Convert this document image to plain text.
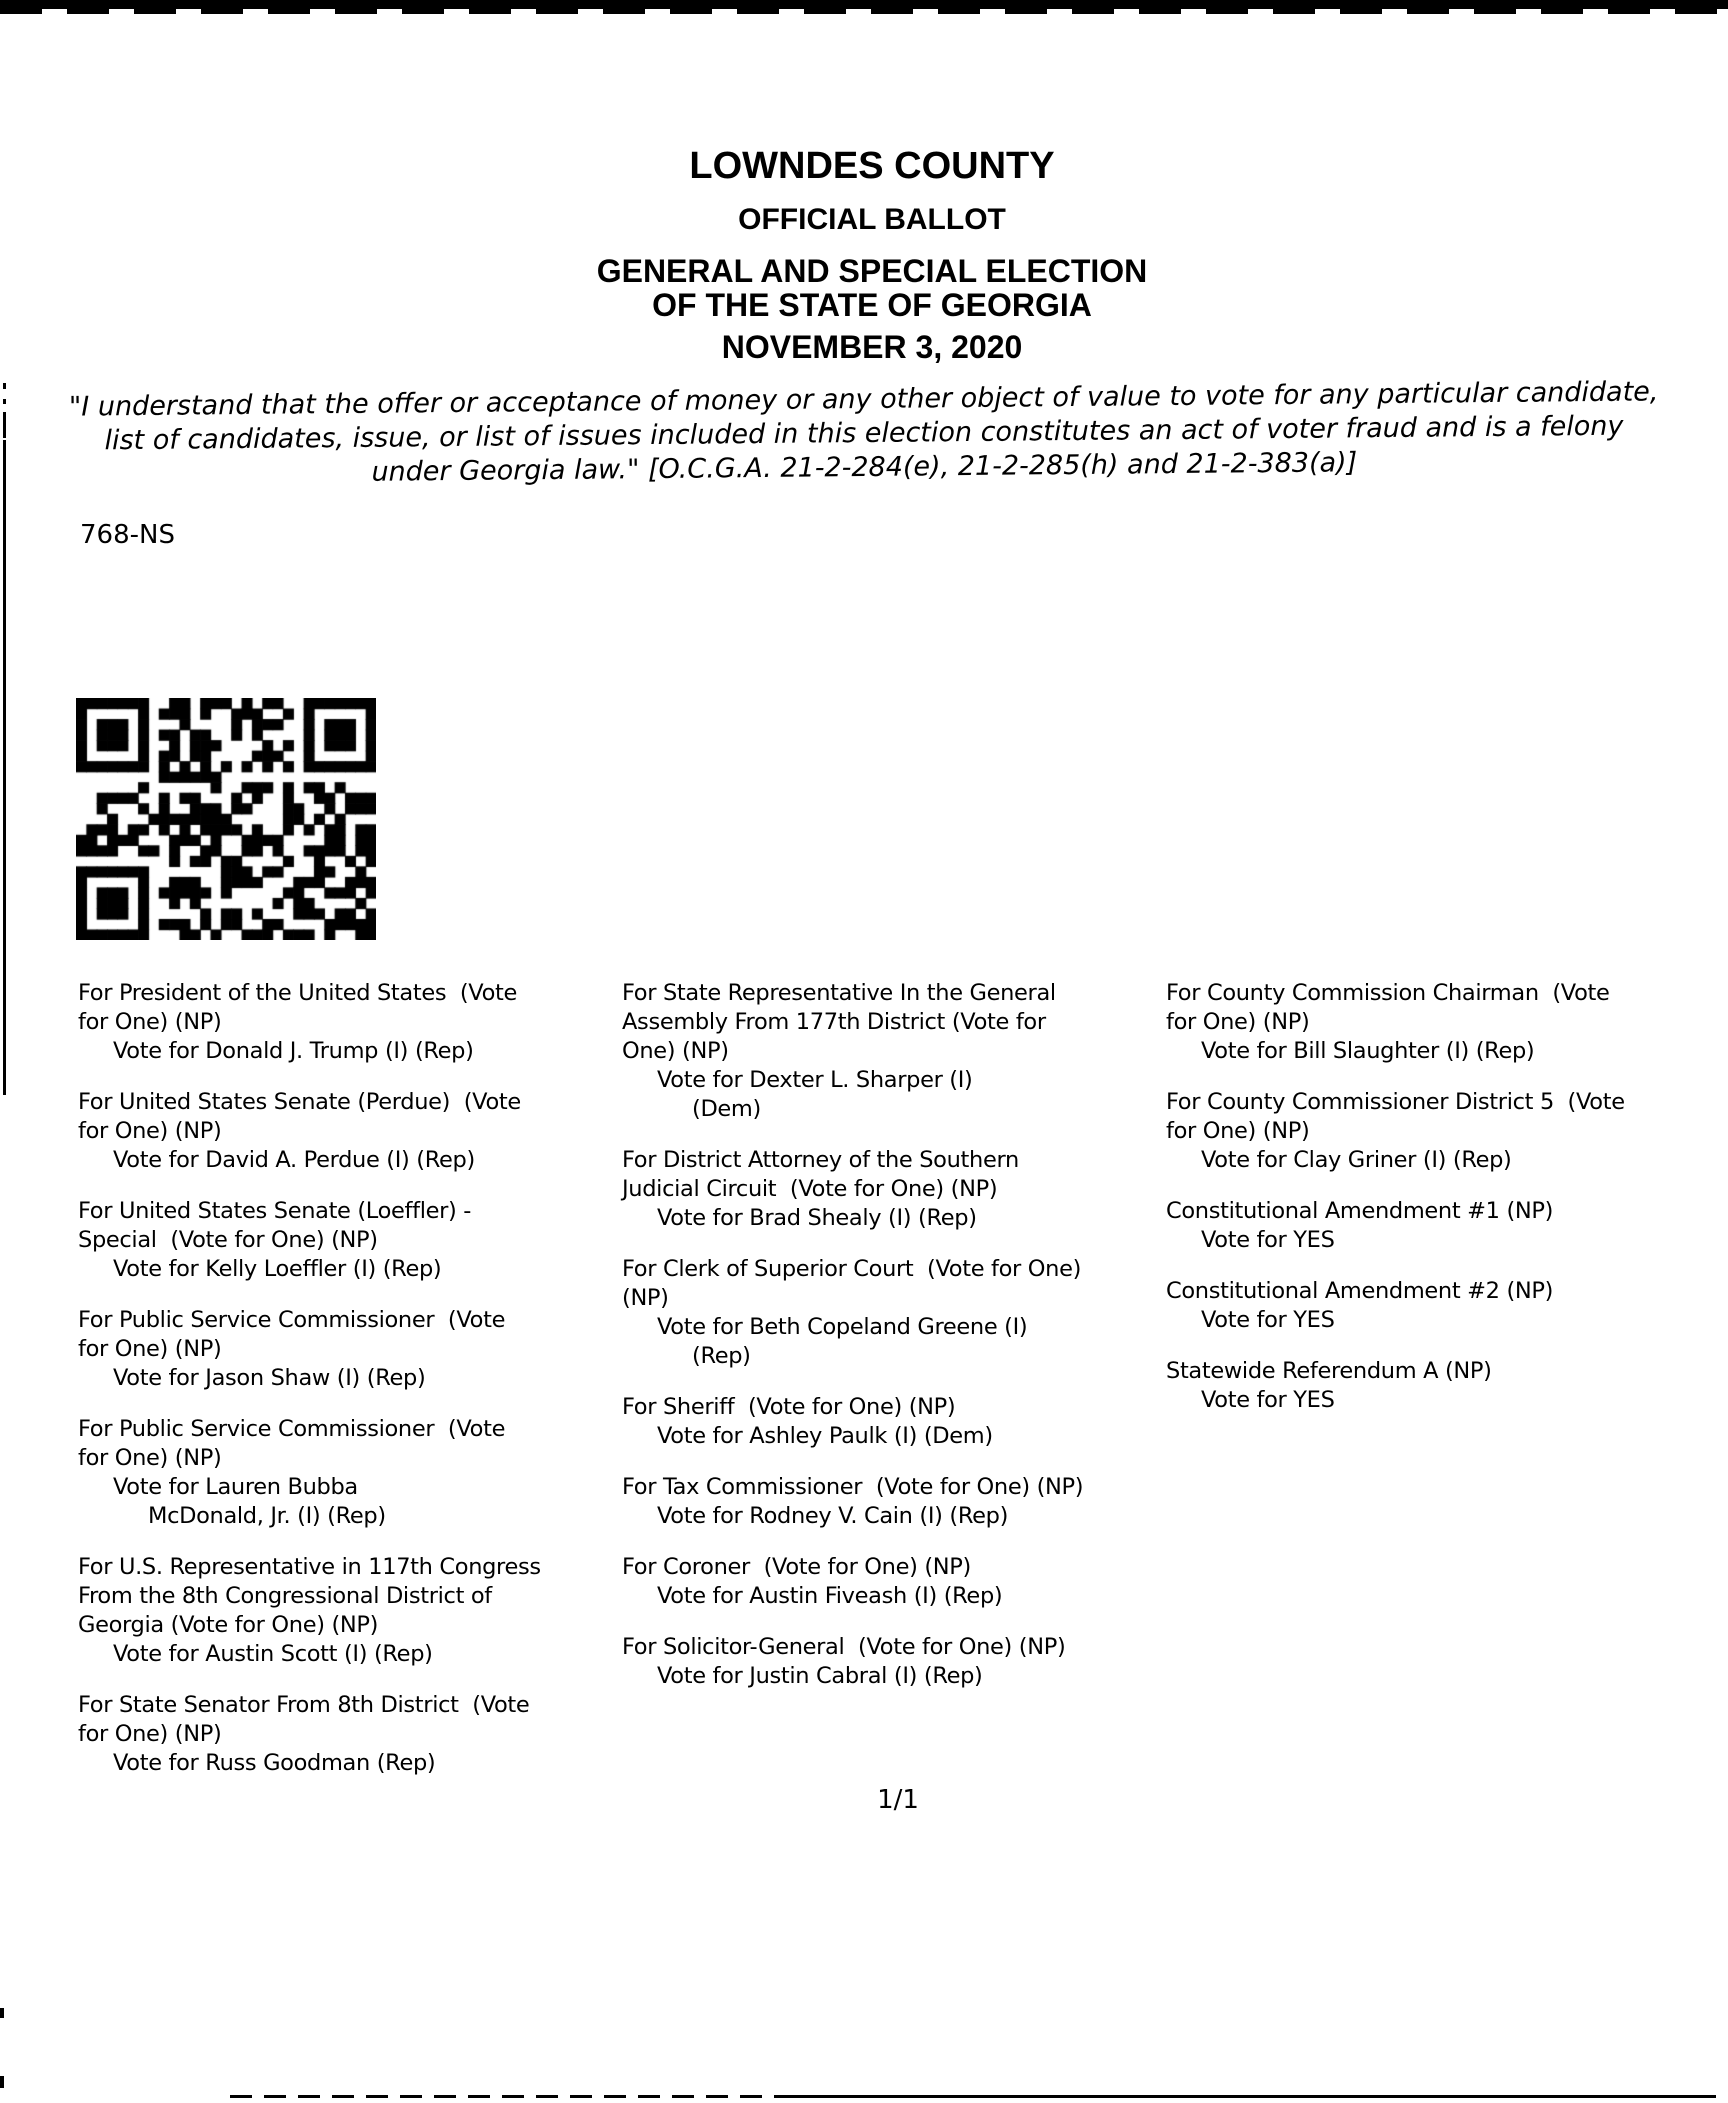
LOWNDES COUNTY
OFFICIAL BALLOT
GENERAL AND SPECIAL ELECTION
OF THE STATE OF GEORGIA
NOVEMBER 3, 2020
"I understand that the offer or acceptance of money or any other object of value to vote for any particular candidate,
list of candidates, issue, or list of issues included in this election constitutes an act of voter fraud and is a felony
under Georgia law." [O.C.G.A. 21-2-284(e), 21-2-285(h) and 21-2-383(a)]
768-NS
For President of the United States  (Vote
for One) (NP)
Vote for Donald J. Trump (I) (Rep)
For United States Senate (Perdue)  (Vote
for One) (NP)
Vote for David A. Perdue (I) (Rep)
For United States Senate (Loeffler) -
Special  (Vote for One) (NP)
Vote for Kelly Loeffler (I) (Rep)
For Public Service Commissioner  (Vote
for One) (NP)
Vote for Jason Shaw (I) (Rep)
For Public Service Commissioner  (Vote
for One) (NP)
Vote for Lauren Bubba
McDonald, Jr. (I) (Rep)
For U.S. Representative in 117th Congress
From the 8th Congressional District of
Georgia (Vote for One) (NP)
Vote for Austin Scott (I) (Rep)
For State Senator From 8th District  (Vote
for One) (NP)
Vote for Russ Goodman (Rep)
For State Representative In the General
Assembly From 177th District (Vote for
One) (NP)
Vote for Dexter L. Sharper (I)
(Dem)
For District Attorney of the Southern
Judicial Circuit  (Vote for One) (NP)
Vote for Brad Shealy (I) (Rep)
For Clerk of Superior Court  (Vote for One)
(NP)
Vote for Beth Copeland Greene (I)
(Rep)
For Sheriff  (Vote for One) (NP)
Vote for Ashley Paulk (I) (Dem)
For Tax Commissioner  (Vote for One) (NP)
Vote for Rodney V. Cain (I) (Rep)
For Coroner  (Vote for One) (NP)
Vote for Austin Fiveash (I) (Rep)
For Solicitor-General  (Vote for One) (NP)
Vote for Justin Cabral (I) (Rep)
For County Commission Chairman  (Vote
for One) (NP)
Vote for Bill Slaughter (I) (Rep)
For County Commissioner District 5  (Vote
for One) (NP)
Vote for Clay Griner (I) (Rep)
Constitutional Amendment #1 (NP)
Vote for YES
Constitutional Amendment #2 (NP)
Vote for YES
Statewide Referendum A (NP)
Vote for YES
1/1
